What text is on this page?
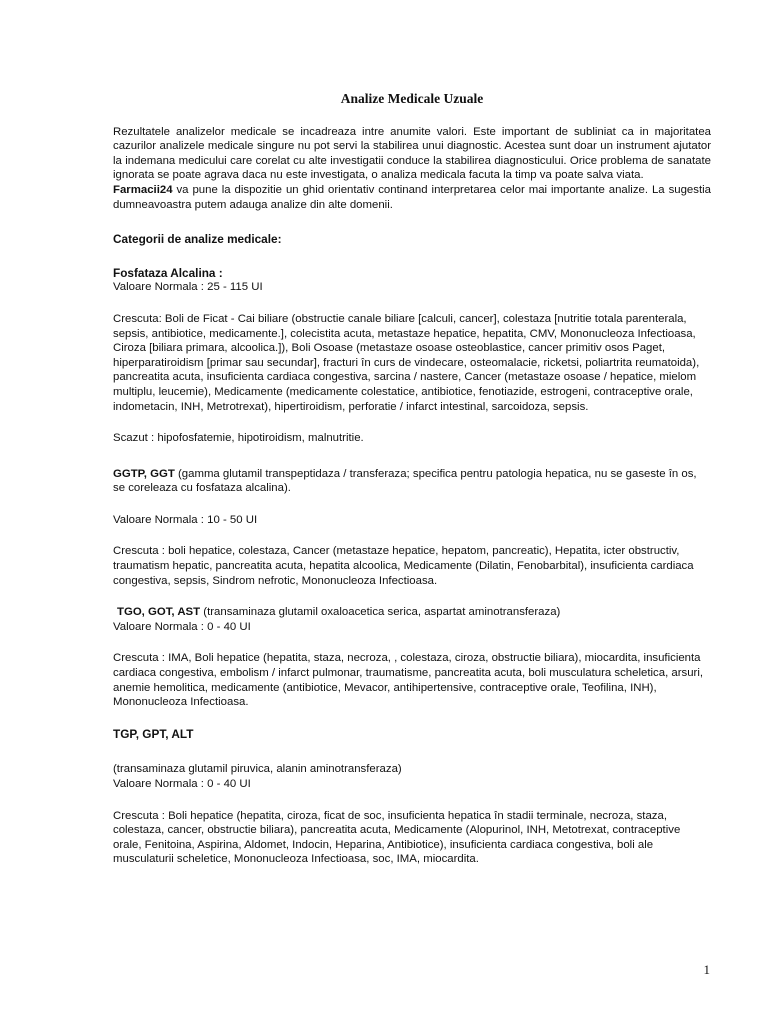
Analize Medicale Uzuale

Rezultatele analizelor medicale se incadreaza intre anumite valori. Este important de subliniat ca in majoritatea cazurilor analizele medicale singure nu pot servi la stabilirea unui diagnostic. Acestea sunt doar un instrument ajutator la indemana medicului care corelat cu alte investigatii conduce la stabilirea diagnosticului. Orice problema de sanatate ignorata se poate agrava daca nu este investigata, o analiza medicala facuta la timp va poate salva viata.

Farmacii24 va pune la dispozitie un ghid orientativ continand interpretarea celor mai importante analize. La sugestia dumneavoastra putem adauga analize din alte domenii.

Categorii de analize medicale:
Fosfataza Alcalina :

Valoare Normala : 25 - 115 UI

Crescuta: Boli de Ficat - Cai biliare (obstructie canale biliare [calculi, cancer], colestaza [nutritie totala parenterala, sepsis, antibiotice, medicamente.], colecistita acuta, metastaze hepatice, hepatita, CMV, Mononucleoza Infectioasa, Ciroza [biliara primara, alcoolica.]), Boli Osoase (metastaze osoase osteoblastice, cancer primitiv osos Paget, hiperparatiroidism [primar sau secundar], fracturi în curs de vindecare, osteomalacie, ricketsi, poliartrita reumatoida), pancreatita acuta, insuficienta cardiaca congestiva, sarcina / nastere, Cancer (metastaze osoase / hepatice, mielom multiplu, leucemie), Medicamente (medicamente colestatice, antibiotice, fenotiazide, estrogeni, contraceptive orale, indometacin, INH, Metrotrexat), hipertiroidism, perforatie / infarct intestinal, sarcoidoza, sepsis.

Scazut : hipofosfatemie, hipotiroidism, malnutritie.

GGTP, GGT (gamma glutamil transpeptidaza / transferaza; specifica pentru patologia hepatica, nu se gaseste în os, se coreleaza cu fosfataza alcalina).

Valoare Normala : 10 - 50 UI

Crescuta : boli hepatice, colestaza, Cancer (metastaze hepatice, hepatom, pancreatic), Hepatita, icter obstructiv, traumatism hepatic, pancreatita acuta, hepatita alcoolica, Medicamente (Dilatin, Fenobarbital), insuficienta cardiaca congestiva, sepsis, Sindrom nefrotic, Mononucleoza Infectioasa.

TGO, GOT, AST (transaminaza glutamil oxaloacetica serica, aspartat aminotransferaza)

Valoare Normala : 0 - 40 UI

Crescuta : IMA, Boli hepatice (hepatita, staza, necroza, , colestaza, ciroza, obstructie biliara), miocardita, insuficienta cardiaca congestiva, embolism / infarct pulmonar, traumatisme, pancreatita acuta, boli musculatura scheletica, arsuri, anemie hemolitica, medicamente (antibiotice, Mevacor, antihipertensive, contraceptive orale, Teofilina, INH), Mononucleoza Infectioasa.

TGP, GPT, ALT

(transaminaza glutamil piruvica, alanin aminotransferaza)

Valoare Normala : 0 - 40 UI

Crescuta : Boli hepatice (hepatita, ciroza, ficat de soc, insuficienta hepatica în stadii terminale, necroza, staza, colestaza, cancer, obstructie biliara), pancreatita acuta, Medicamente (Alopurinol, INH, Metotrexat, contraceptive orale, Fenitoina, Aspirina, Aldomet, Indocin, Heparina, Antibiotice), insuficienta cardiaca congestiva, boli ale musculaturii scheletice, Mononucleoza Infectioasa, soc, IMA, miocardita.

1
